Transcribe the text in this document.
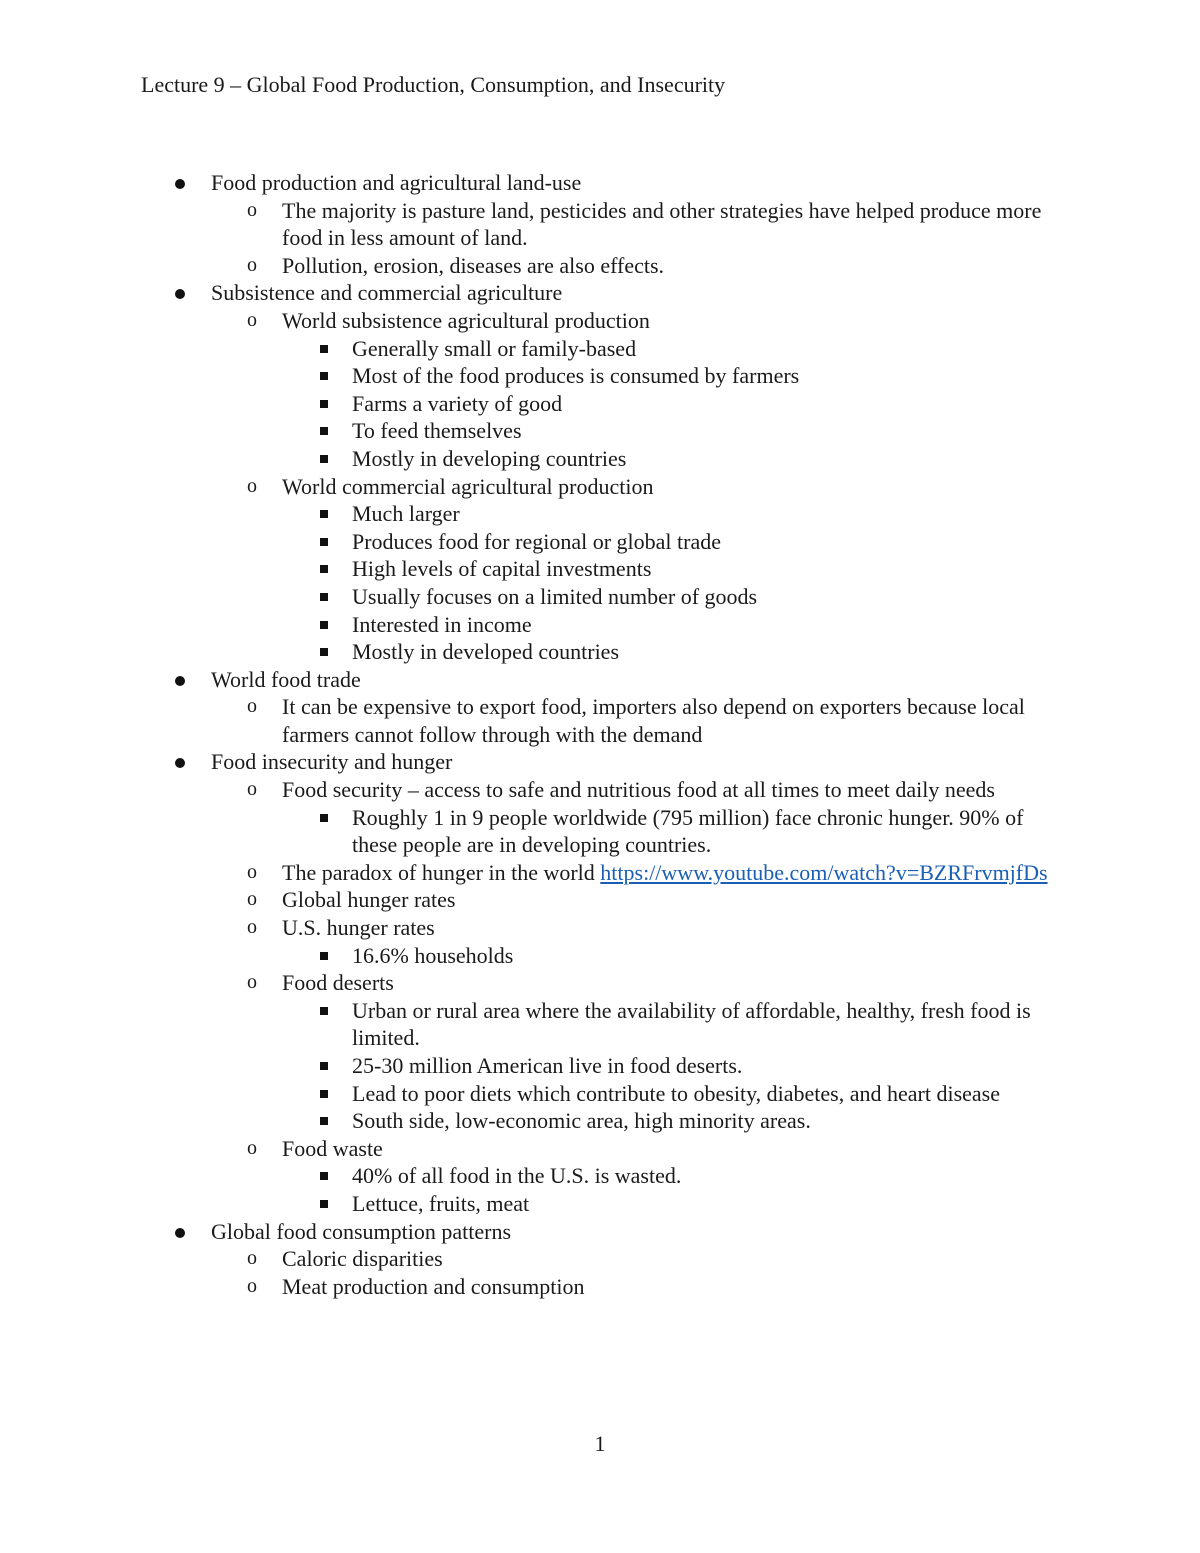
Lecture 9 – Global Food Production, Consumption, and Insecurity
Food production and agricultural land-use
o The majority is pasture land, pesticides and other strategies have helped produce more food in less amount of land.
o Pollution, erosion, diseases are also effects.
Subsistence and commercial agriculture
o World subsistence agricultural production
Generally small or family-based
Most of the food produces is consumed by farmers
Farms a variety of good
To feed themselves
Mostly in developing countries
o World commercial agricultural production
Much larger
Produces food for regional or global trade
High levels of capital investments
Usually focuses on a limited number of goods
Interested in income
Mostly in developed countries
World food trade
o It can be expensive to export food, importers also depend on exporters because local farmers cannot follow through with the demand
Food insecurity and hunger
o Food security – access to safe and nutritious food at all times to meet daily needs
Roughly 1 in 9 people worldwide (795 million) face chronic hunger. 90% of these people are in developing countries.
o The paradox of hunger in the world https://www.youtube.com/watch?v=BZRFrvmjfDs
o Global hunger rates
o U.S. hunger rates
16.6% households
o Food deserts
Urban or rural area where the availability of affordable, healthy, fresh food is limited.
25-30 million American live in food deserts.
Lead to poor diets which contribute to obesity, diabetes, and heart disease
South side, low-economic area, high minority areas.
o Food waste
40% of all food in the U.S. is wasted.
Lettuce, fruits, meat
Global food consumption patterns
o Caloric disparities
o Meat production and consumption
1
